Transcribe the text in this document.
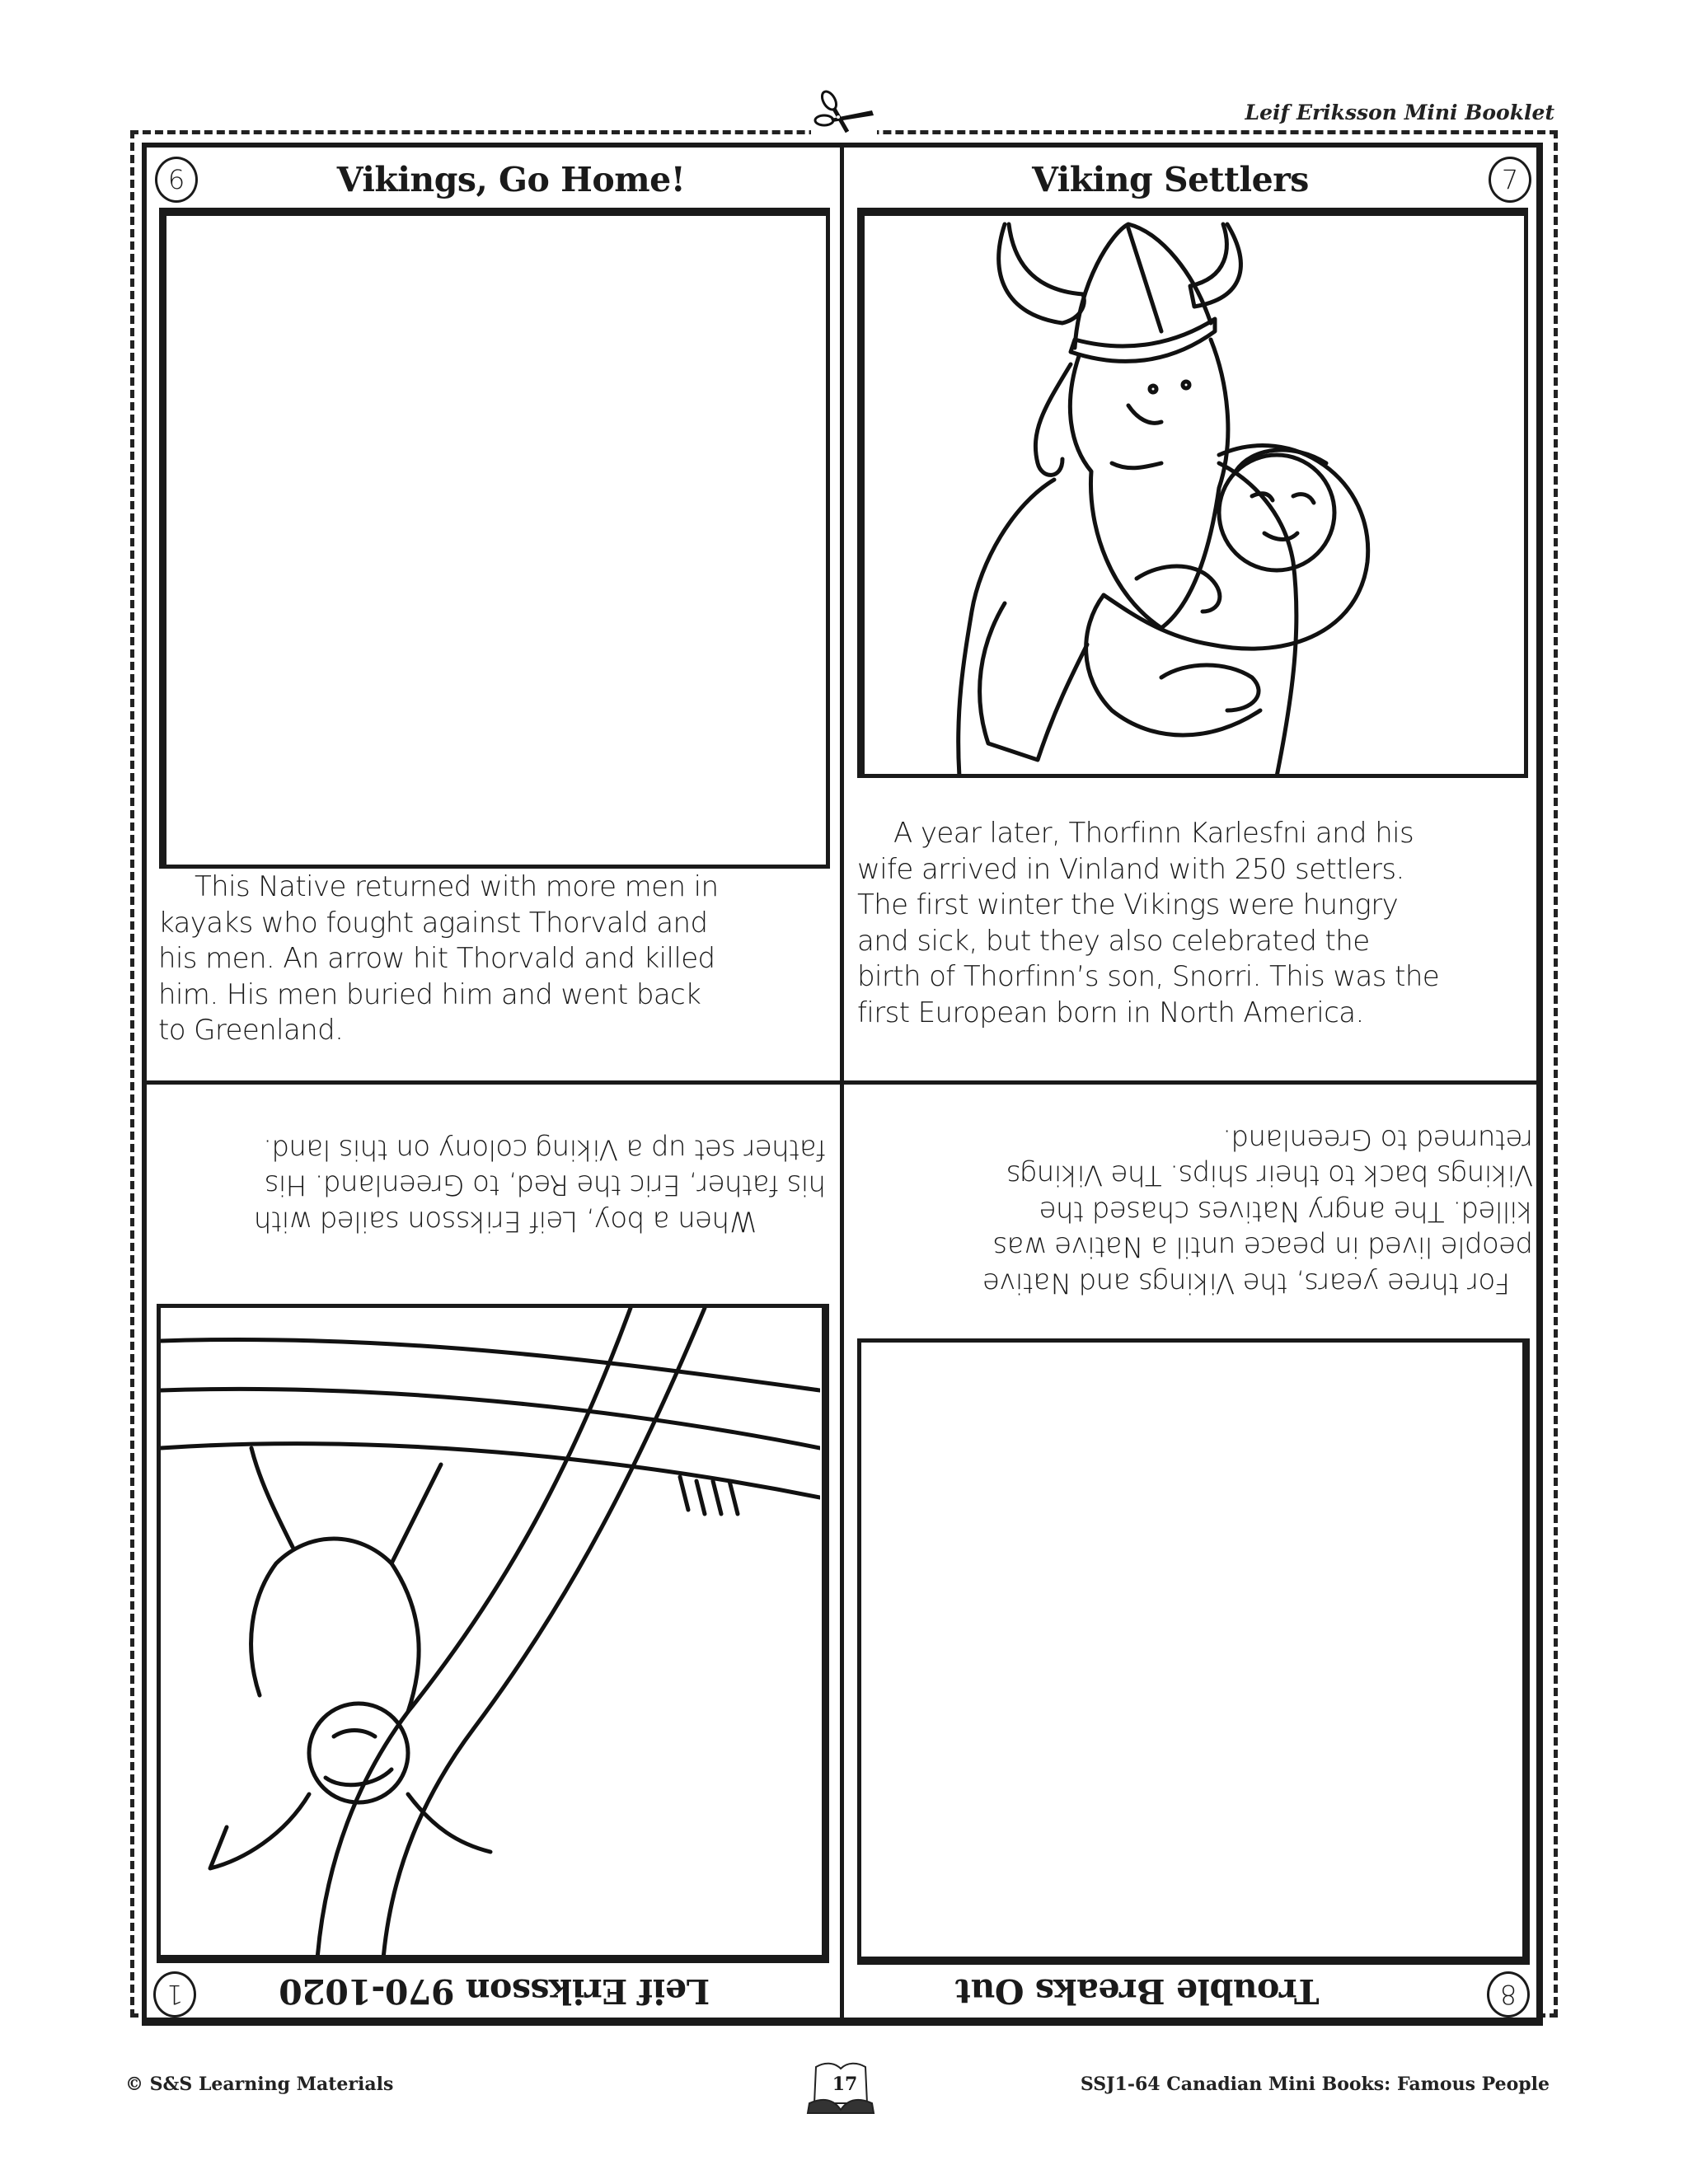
Leif Eriksson Mini Booklet
6	Vikings, Go Home!
This Native returned with more men in
kayaks who fought against Thorvald and
his men. An arrow hit Thorvald and killed
him. His men buried him and went back
to Greenland.
7
Viking Settlers
A year later, Thorfinn Karlesfni and his
wife arrived in Vinland with 250 settlers.
The first winter the Vikings were hungry
and sick, but they also celebrated the
birth of Thorfinn’s son, Snorri. This was the
first European born in North America.
When a boy, Leif Eriksson sailed with
his father, Eric the Red, to Greenland. His
father set up a Viking colony on this land.
Leif Eriksson 970-1020
1
For three years, the Vikings and Native
people lived in peace until a Native was
killed. The angry Natives chased the
Vikings back to their ships. The Vikings
returned to Greenland.
Trouble Breaks Out	8
© S&S Learning Materials	17	SSJ1-64 Canadian Mini Books: Famous People
